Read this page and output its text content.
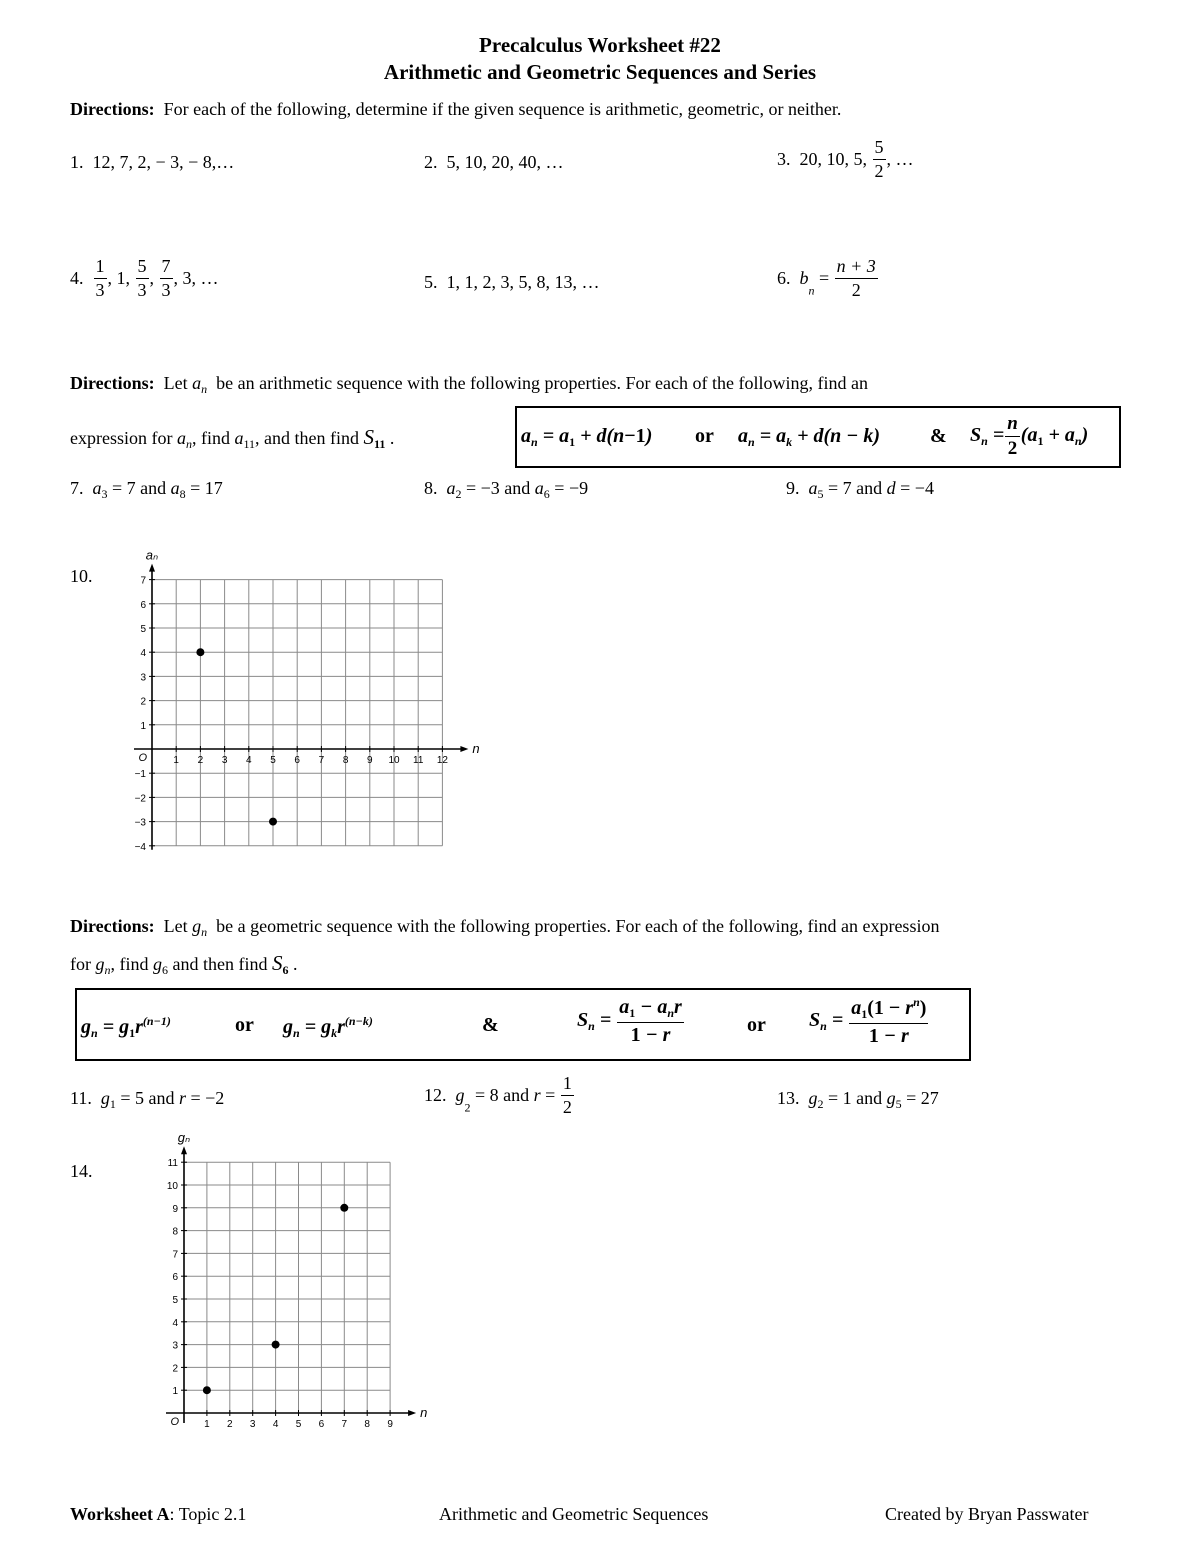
Precalculus Worksheet #22
Arithmetic and Geometric Sequences and Series
Directions: For each of the following, determine if the given sequence is arithmetic, geometric, or neither.
1. 12, 7, 2, − 3, − 8,…	2. 5, 10, 20, 40, …	3. 20, 10, 5, $\frac{5}{2}$ , …
4. $\frac{1}{3}$ , 1, $\frac{5}{3}$ , $\frac{7}{3}$ , 3, …	5. 1, 1, 2, 3, 5, 8, 13, …	6. $b_n = \frac{n + 3}{2}$
Directions: Let $a_n$ be an arithmetic sequence with the following properties. For each of the following, find an
expression for $a_n$, find $a_{11}$, and then find $S_{11}$ .	$a_n = a_1 + d(n-1)$ or $a_n = a_k + d(n - k)$ & $S_n = \frac{n}{2} (a_1 + a_n)$
7. $a_3 = 7$ and $a_8 = 17$	8. $a_2 = -3$ and $a_6 = -9$	9. $a_5 = 7$ and d = −4
10.
1 2 3 4 5 6 7 8 9 10 11 12
−4
−3
−2
−1
1
2
3
4
5
6
7
O
n
aₙ
Directions: Let $g_n$ be a geometric sequence with the following properties. For each of the following, find an expression
for $g_n$, find $g_6$ and then find $S_6$ .
$g_n = g_1r^{(n-1)}$	or $g_n = g_kr^{(n-k)}$	&	$S_n = \frac{a_1 - a_nr}{1 - r}$	or $S_n = \frac{a_1(1 - r^n)}{1 - r}$
11. $g_1 = 5$ and r = −2	12. $g_2 = 8$ and $r = \frac{1}{2}$	13. $g_2 = 1$ and $g_5 = 27$
14.
1 2 3 4 5 6 7 8 9
1
2
3
4
5
6
7
8
9
10
11
O
n
gₙ
Worksheet A: Topic 2.1	Arithmetic and Geometric Sequences	Created by Bryan Passwater
